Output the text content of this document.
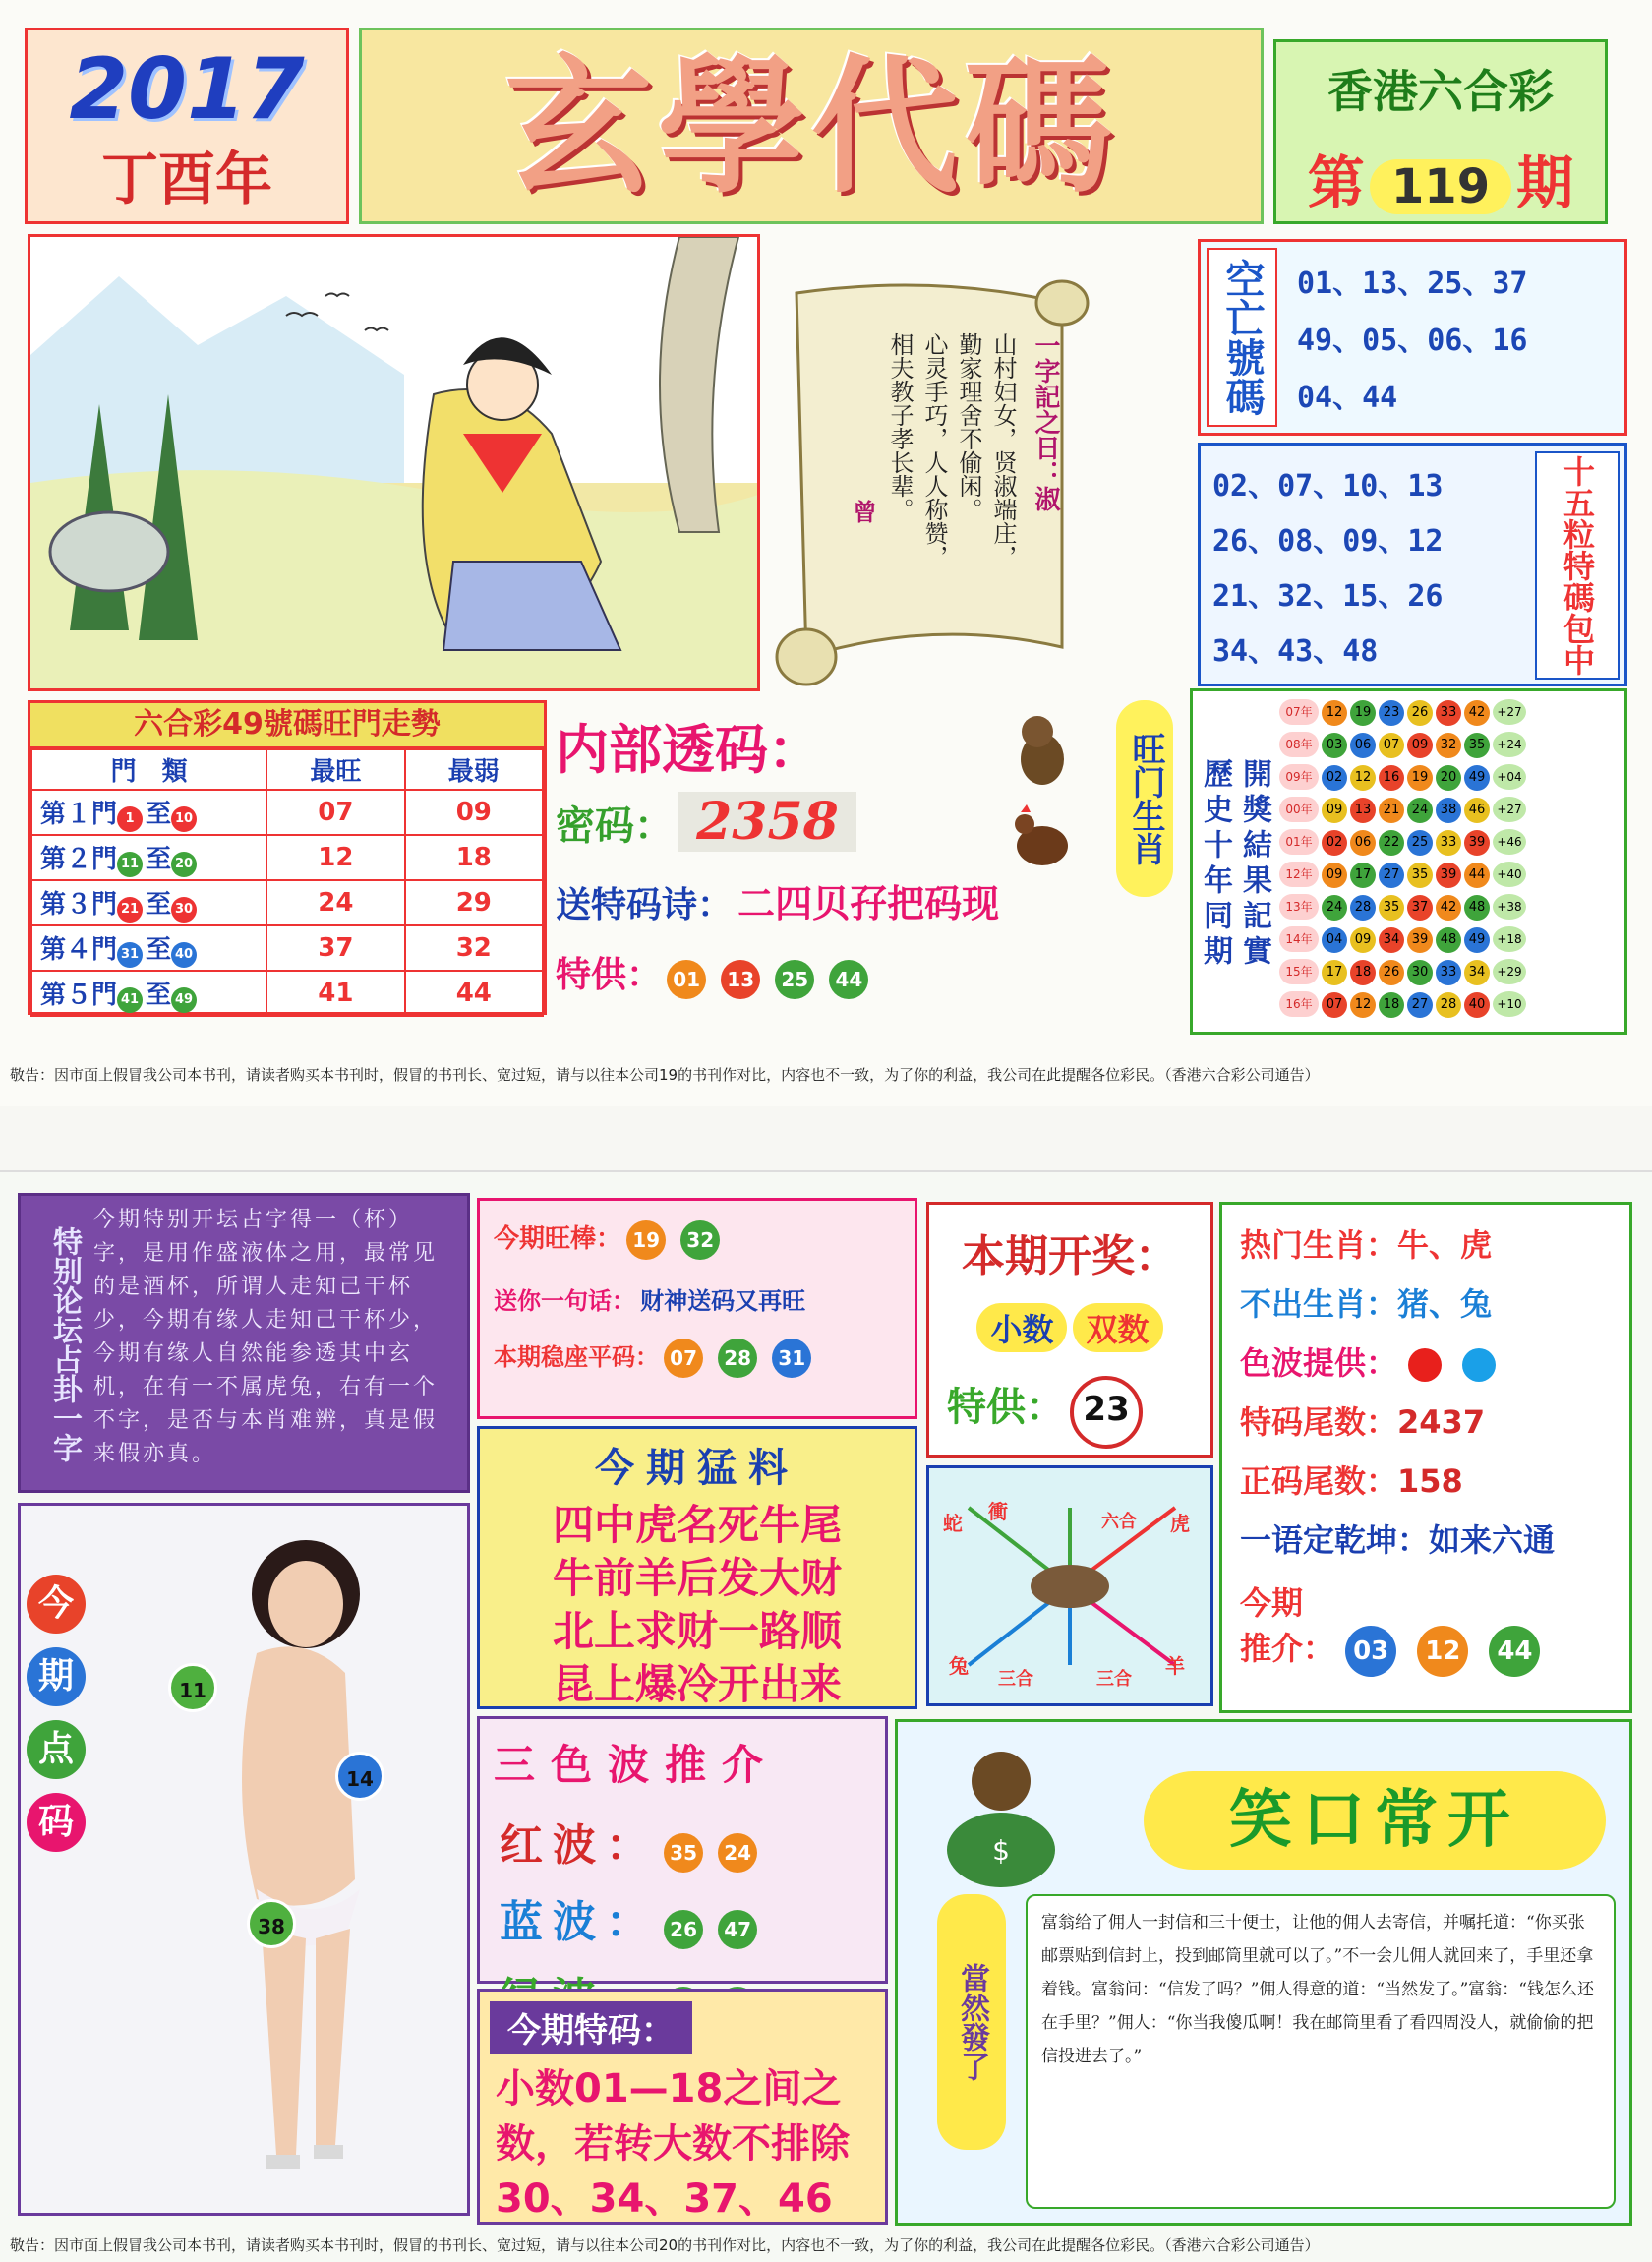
2017
丁酉年	玄學代碼	香港六合彩
第 119 期
一字記之日：淑
山村妇女，贤淑端庄，
勤家理舍不偷闲。
心灵手巧，人人称赞，
相夫教子孝长辈。
曾
空亡號碼	01、13、25、37
49、05、06、16
04、44
02、07、10、13
26、08、09、12
21、32、15、26
34、43、48	十五粒特碼包中
六合彩49號碼旺門走勢
門　類	最旺	最弱
第１門 1 至 10	07	09
第２門 11 至 20	12	18
第３門 21 至 30	24	29
第４門 31 至 40	37	32
第５門 41 至 49	41	44
内部透码：
密码： 2358
送特码诗： 二四贝孖把码现
特供： 01 13 25 44
旺门生肖 歷史十年同期 開獎結果記實
07年 12 19 23 26 33 42 +27
08年 03 06 07 09 32 35 +24
09年 02 12 16 19 20 49 +04
00年 09 13 21 24 38 46 +27
01年 02 06 22 25 33 39 +46
12年 09 17 27 35 39 44 +40
13年 24 28 35 37 42 48 +38
14年 04 09 34 39 48 49 +18
15年 17 18 26 30 33 34 +29
16年 07 12 18 27 28 40 +10
敬告：因市面上假冒我公司本书刊，请读者购买本书刊时，假冒的书刊长、宽过短，请与以往本公司19的书刊作对比，内容也不一致，为了你的利益，我公司在此提醒各位彩民。（香港六合彩公司通告）
特别论坛占卦一字
今期特别开坛占字得一（杯）字，是用作盛液体之用，最常见的是酒杯，所谓人走知己干杯少，今期有缘人走知己干杯少，今期有缘人自然能参透其中玄机，在有一不属虎兔，右有一个不字，是否与本肖难辨，真是假来假亦真。
今 期 点 码
11
14
38
今期旺棒： 19 32
送你一句话： 财神送码又再旺
本期稳座平码： 07 28 31
本期开奖：
小数 双数
特供： 23
热门生肖：牛、虎
不出生肖：猪、兔
色波提供：
特码尾数：2437
正码尾数：158
一语定乾坤：如来六通
今期
推介： 03 12 44
今期猛料
四中虎名死牛尾
牛前羊后发大财
北上求财一路顺
昆上爆冷开出来
蛇 衝	六合 虎
兔
三合	三合
羊
三色波推介
红波： 35 24
蓝波： 26 47

今期特码：
小数01—18之间之数，若转大数不排除30、34、37、46
$	笑口常开
當然發了
富翁给了佣人一封信和三十便士，让他的佣人去寄信，并嘱托道：“你买张邮票贴到信封上，投到邮筒里就可以了。”不一会儿佣人就回来了，手里还拿着钱。富翁问：“信发了吗？”佣人得意的道：“当然发了。”富翁：“钱怎么还在手里？”佣人：“你当我傻瓜啊！我在邮筒里看了看四周没人，就偷偷的把信投进去了。”
敬告：因市面上假冒我公司本书刊，请读者购买本书刊时，假冒的书刊长、宽过短，请与以往本公司20的书刊作对比，内容也不一致，为了你的利益，我公司在此提醒各位彩民。（香港六合彩公司通告）
